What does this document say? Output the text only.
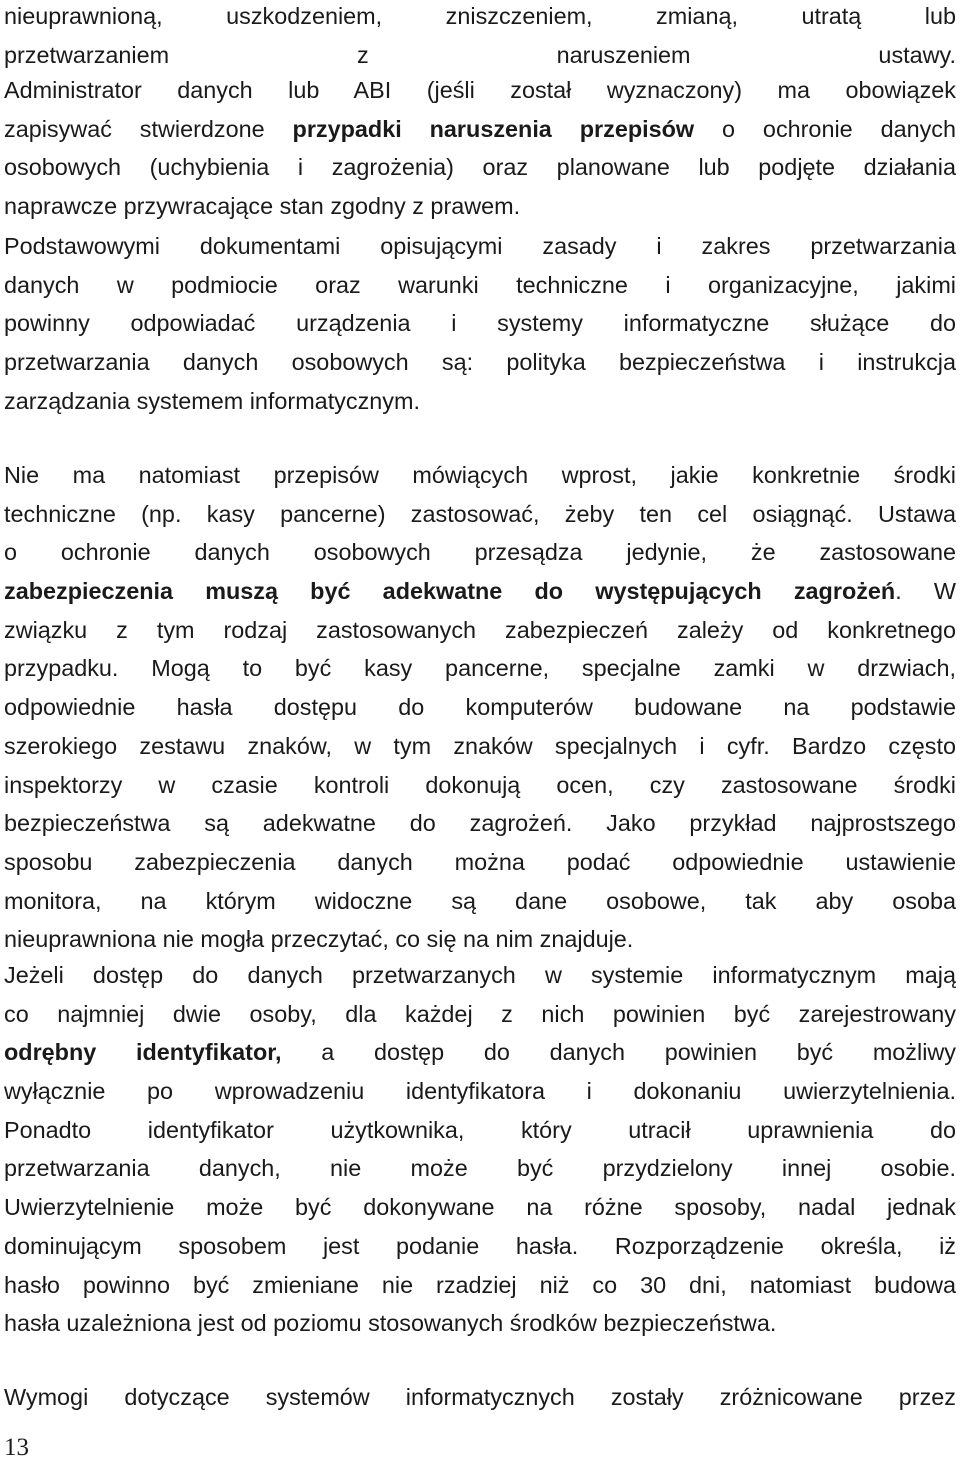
nieuprawnioną, uszkodzeniem, zniszczeniem, zmianą, utratą lub
przetwarzaniem z naruszeniem ustawy.
Administrator danych lub ABI (jeśli został wyznaczony) ma obowiązek
zapisywać stwierdzone przypadki naruszenia przepisów o ochronie danych
osobowych (uchybienia i zagrożenia) oraz planowane lub podjęte działania
naprawcze przywracające stan zgodny z prawem.
Podstawowymi dokumentami opisującymi zasady i zakres przetwarzania
danych w podmiocie oraz warunki techniczne i organizacyjne, jakimi
powinny odpowiadać urządzenia i systemy informatyczne służące do
przetwarzania danych osobowych są: polityka bezpieczeństwa i instrukcja
zarządzania systemem informatycznym.
Nie ma natomiast przepisów mówiących wprost, jakie konkretnie środki
techniczne (np. kasy pancerne) zastosować, żeby ten cel osiągnąć. Ustawa
o ochronie danych osobowych przesądza jedynie, że zastosowane
zabezpieczenia muszą być adekwatne do występujących zagrożeń. W
związku z tym rodzaj zastosowanych zabezpieczeń zależy od konkretnego
przypadku. Mogą to być kasy pancerne, specjalne zamki w drzwiach,
odpowiednie hasła dostępu do komputerów budowane na podstawie
szerokiego zestawu znaków, w tym znaków specjalnych i cyfr. Bardzo często
inspektorzy w czasie kontroli dokonują ocen, czy zastosowane środki
bezpieczeństwa są adekwatne do zagrożeń. Jako przykład najprostszego
sposobu zabezpieczenia danych można podać odpowiednie ustawienie
monitora, na którym widoczne są dane osobowe, tak aby osoba
nieuprawniona nie mogła przeczytać, co się na nim znajduje.
Jeżeli dostęp do danych przetwarzanych w systemie informatycznym mają
co najmniej dwie osoby, dla każdej z nich powinien być zarejestrowany
odrębny identyfikator, a dostęp do danych powinien być możliwy
wyłącznie po wprowadzeniu identyfikatora i dokonaniu uwierzytelnienia.
Ponadto identyfikator użytkownika, który utracił uprawnienia do
przetwarzania danych, nie może być przydzielony innej osobie.
Uwierzytelnienie może być dokonywane na różne sposoby, nadal jednak
dominującym sposobem jest podanie hasła. Rozporządzenie określa, iż
hasło powinno być zmieniane nie rzadziej niż co 30 dni, natomiast budowa
hasła uzależniona jest od poziomu stosowanych środków bezpieczeństwa.
Wymogi dotyczące systemów informatycznych zostały zróżnicowane przez
13
